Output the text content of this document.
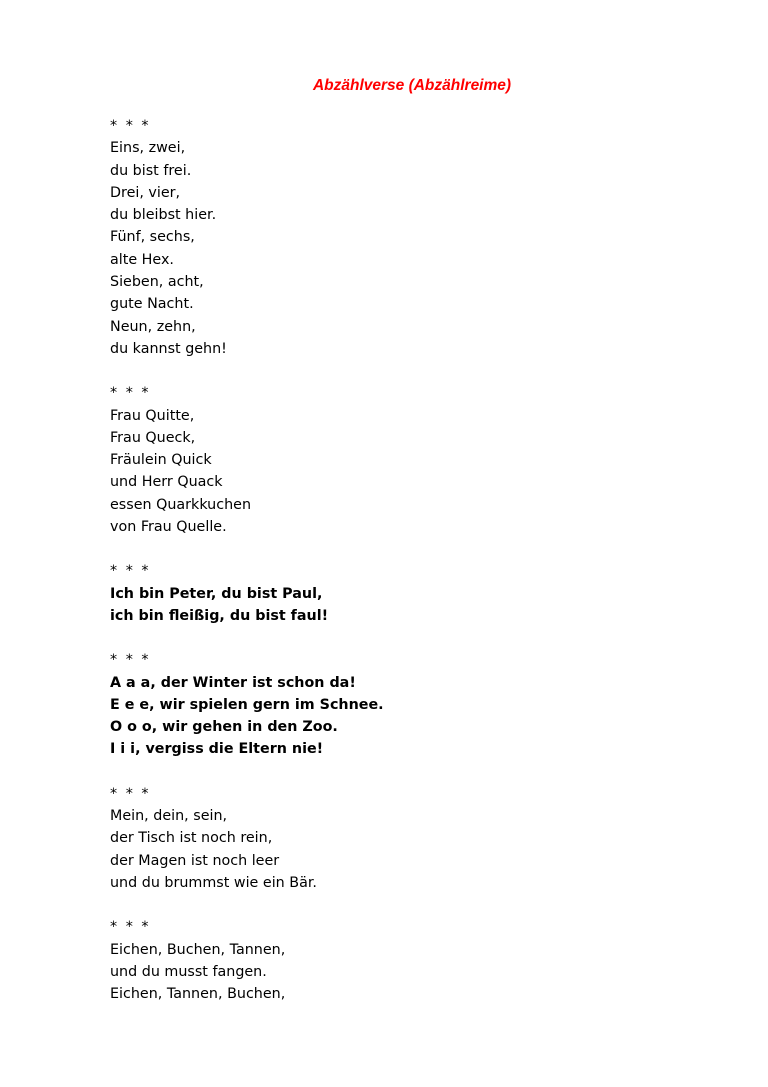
Abzählverse (Abzählreime)
* * *
Eins, zwei,
du bist frei.
Drei, vier,
du bleibst hier.
Fünf, sechs,
alte Hex.
Sieben, acht,
gute Nacht.
Neun, zehn,
du kannst gehn!
* * *
Frau Quitte,
Frau Queck,
Fräulein Quick
und Herr Quack
essen Quarkkuchen
von Frau Quelle.
* * *
Ich bin Peter, du bist Paul,
ich bin fleißig, du bist faul!
* * *
A a a, der Winter ist schon da!
E e e, wir spielen gern im Schnee.
O o o, wir gehen in den Zoo.
I i i, vergiss die Eltern nie!
* * *
Mein, dein, sein,
der Tisch ist noch rein,
der Magen ist noch leer
und du brummst wie ein Bär.
* * *
Eichen, Buchen, Tannen,
und du musst fangen.
Eichen, Tannen, Buchen,
